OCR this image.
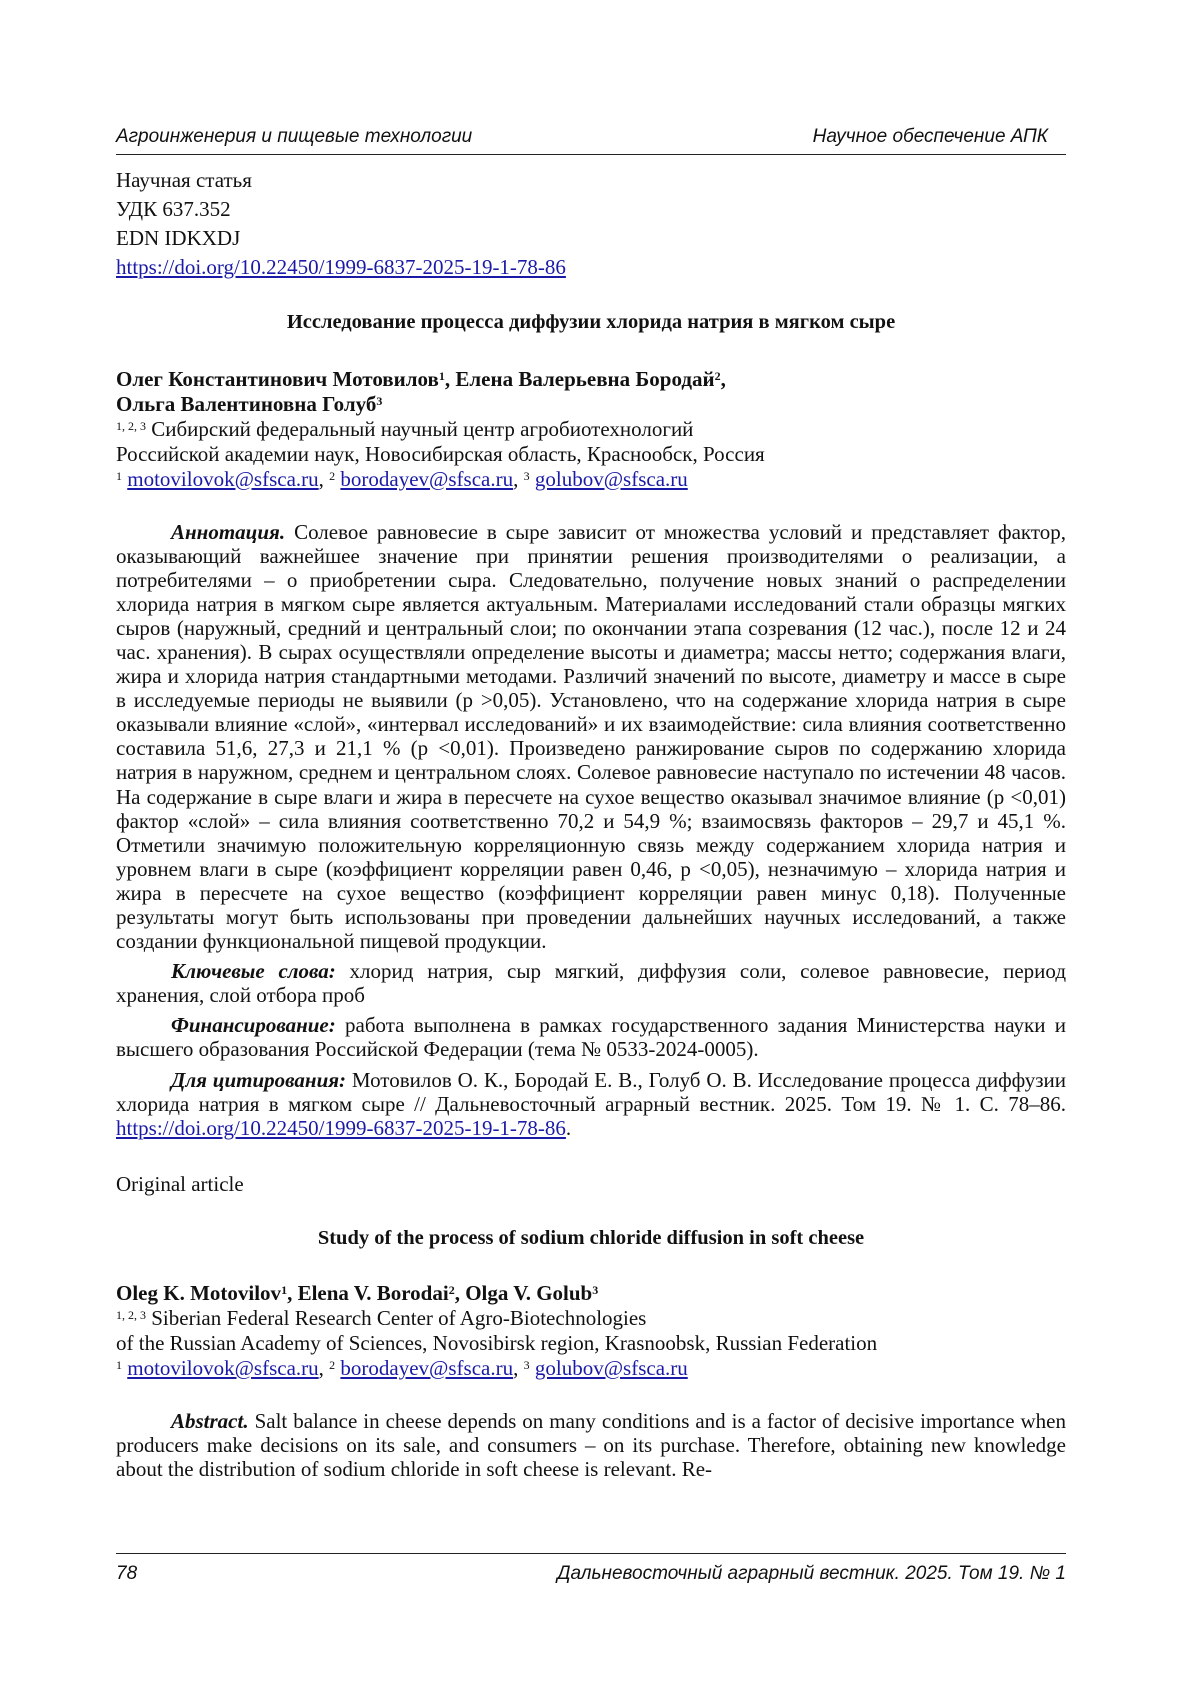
Агроинженерия и пищевые технологии	Научное обеспечение АПК
Научная статья
УДК 637.352
EDN IDKXDJ
https://doi.org/10.22450/1999-6837-2025-19-1-78-86
Исследование процесса диффузии хлорида натрия в мягком сыре
Олег Константинович Мотовилов$^1$, Елена Валерьевна Бородай$^2$,
Ольга Валентиновна Голуб$^3$
$^{1, 2, 3}$ Сибирский федеральный научный центр агробиотехнологий
Российской академии наук, Новосибирская область, Краснообск, Россия
$^1$ motovilovok@sfsca.ru, $^2$ borodayev@sfsca.ru, $^3$ golubov@sfsca.ru

Аннотация. Солевое равновесие в сыре зависит от множества условий и представляет фактор, оказывающий важнейшее значение при принятии решения производителями о реализации, а потребителями – о приобретении сыра. Следовательно, получение новых знаний о распределении хлорида натрия в мягком сыре является актуальным. Материалами исследований стали образцы мягких сыров (наружный, средний и центральный слои; по окончании этапа созревания (12 час.), после 12 и 24 час. хранения). В сырах осуществляли определение высоты и диаметра; массы нетто; содержания влаги, жира и хлорида натрия стандартными методами. Различий значений по высоте, диаметру и массе в сыре в исследуемые периоды не выявили (p >0,05). Установлено, что на содержание хлорида натрия в сыре оказывали влияние «слой», «интервал исследований» и их взаимодействие: сила влияния соответственно составила 51,6, 27,3 и 21,1 % (p <0,01). Произведено ранжирование сыров по содержанию хлорида натрия в наружном, среднем и центральном слоях. Солевое равновесие наступало по истечении 48 часов. На содержание в сыре влаги и жира в пересчете на сухое вещество оказывал значимое влияние (p <0,01) фактор «слой» – сила влияния соответственно 70,2 и 54,9 %; взаимосвязь факторов – 29,7 и 45,1 %. Отметили значимую положительную корреляционную связь между содержанием хлорида натрия и уровнем влаги в сыре (коэффициент корреляции равен 0,46, p <0,05), незначимую – хлорида натрия и жира в пересчете на сухое вещество (коэффициент корреляции равен минус 0,18). Полученные результаты могут быть использованы при проведении дальнейших научных исследований, а также создании функциональной пищевой продукции.

Ключевые слова: хлорид натрия, сыр мягкий, диффузия соли, солевое равновесие, период хранения, слой отбора проб

Финансирование: работа выполнена в рамках государственного задания Министерства науки и высшего образования Российской Федерации (тема № 0533-2024-0005).

Для цитирования: Мотовилов О. К., Бородай Е. В., Голуб О. В. Исследование процесса диффузии хлорида натрия в мягком сыре // Дальневосточный аграрный вестник. 2025. Том 19. № 1. С. 78–86. https://doi.org/10.22450/1999-6837-2025-19-1-78-86.

Original article
Study of the process of sodium chloride diffusion in soft cheese
Oleg K. Motovilov$^1$, Elena V. Borodai$^2$, Olga V. Golub$^3$
$^{1, 2, 3}$ Siberian Federal Research Center of Agro-Biotechnologies
of the Russian Academy of Sciences, Novosibirsk region, Krasnoobsk, Russian Federation
$^1$ motovilovok@sfsca.ru, $^2$ borodayev@sfsca.ru, $^3$ golubov@sfsca.ru

Abstract. Salt balance in cheese depends on many conditions and is a factor of decisive importance when producers make decisions on its sale, and consumers – on its purchase. Therefore, obtaining new knowledge about the distribution of sodium chloride in soft cheese is relevant. Re-

78	Дальневосточный аграрный вестник. 2025. Том 19. № 1
